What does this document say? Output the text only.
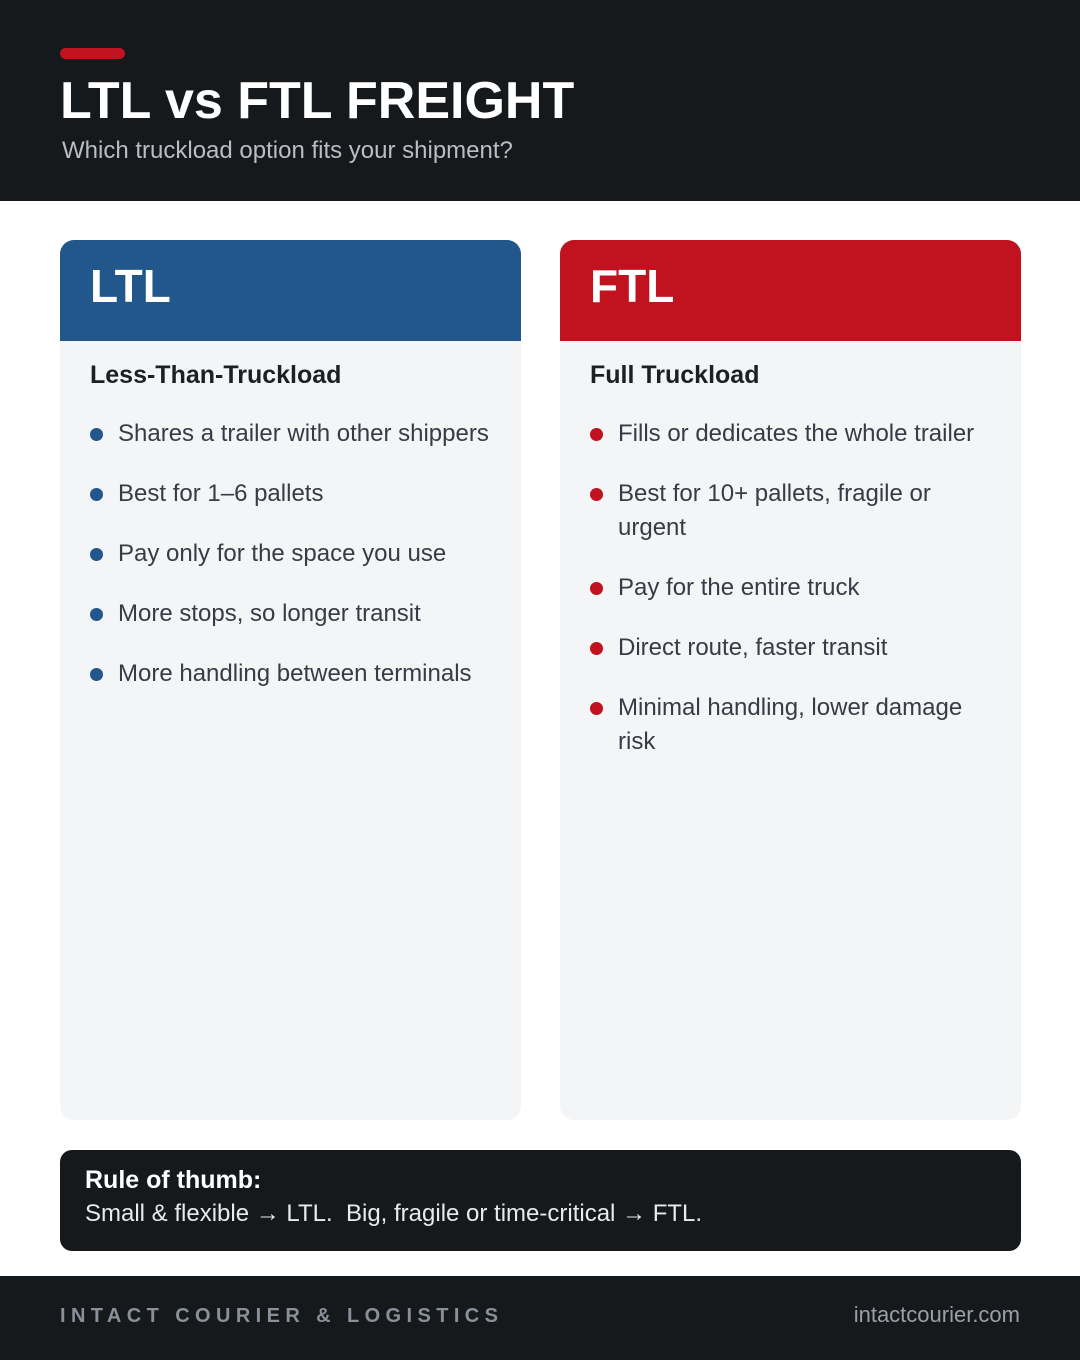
LTL vs FTL FREIGHT
Which truckload option fits your shipment?
LTL
Less-Than-Truckload
Shares a trailer with other shippers
Best for 1–6 pallets
Pay only for the space you use
More stops, so longer transit
More handling between terminals
FTL
Full Truckload
Fills or dedicates the whole trailer
Best for 10+ pallets, fragile or urgent
Pay for the entire truck
Direct route, faster transit
Minimal handling, lower damage risk
Rule of thumb:
Small & flexible → LTL.  Big, fragile or time-critical → FTL.
INTACT COURIER & LOGISTICS	intactcourier.com
